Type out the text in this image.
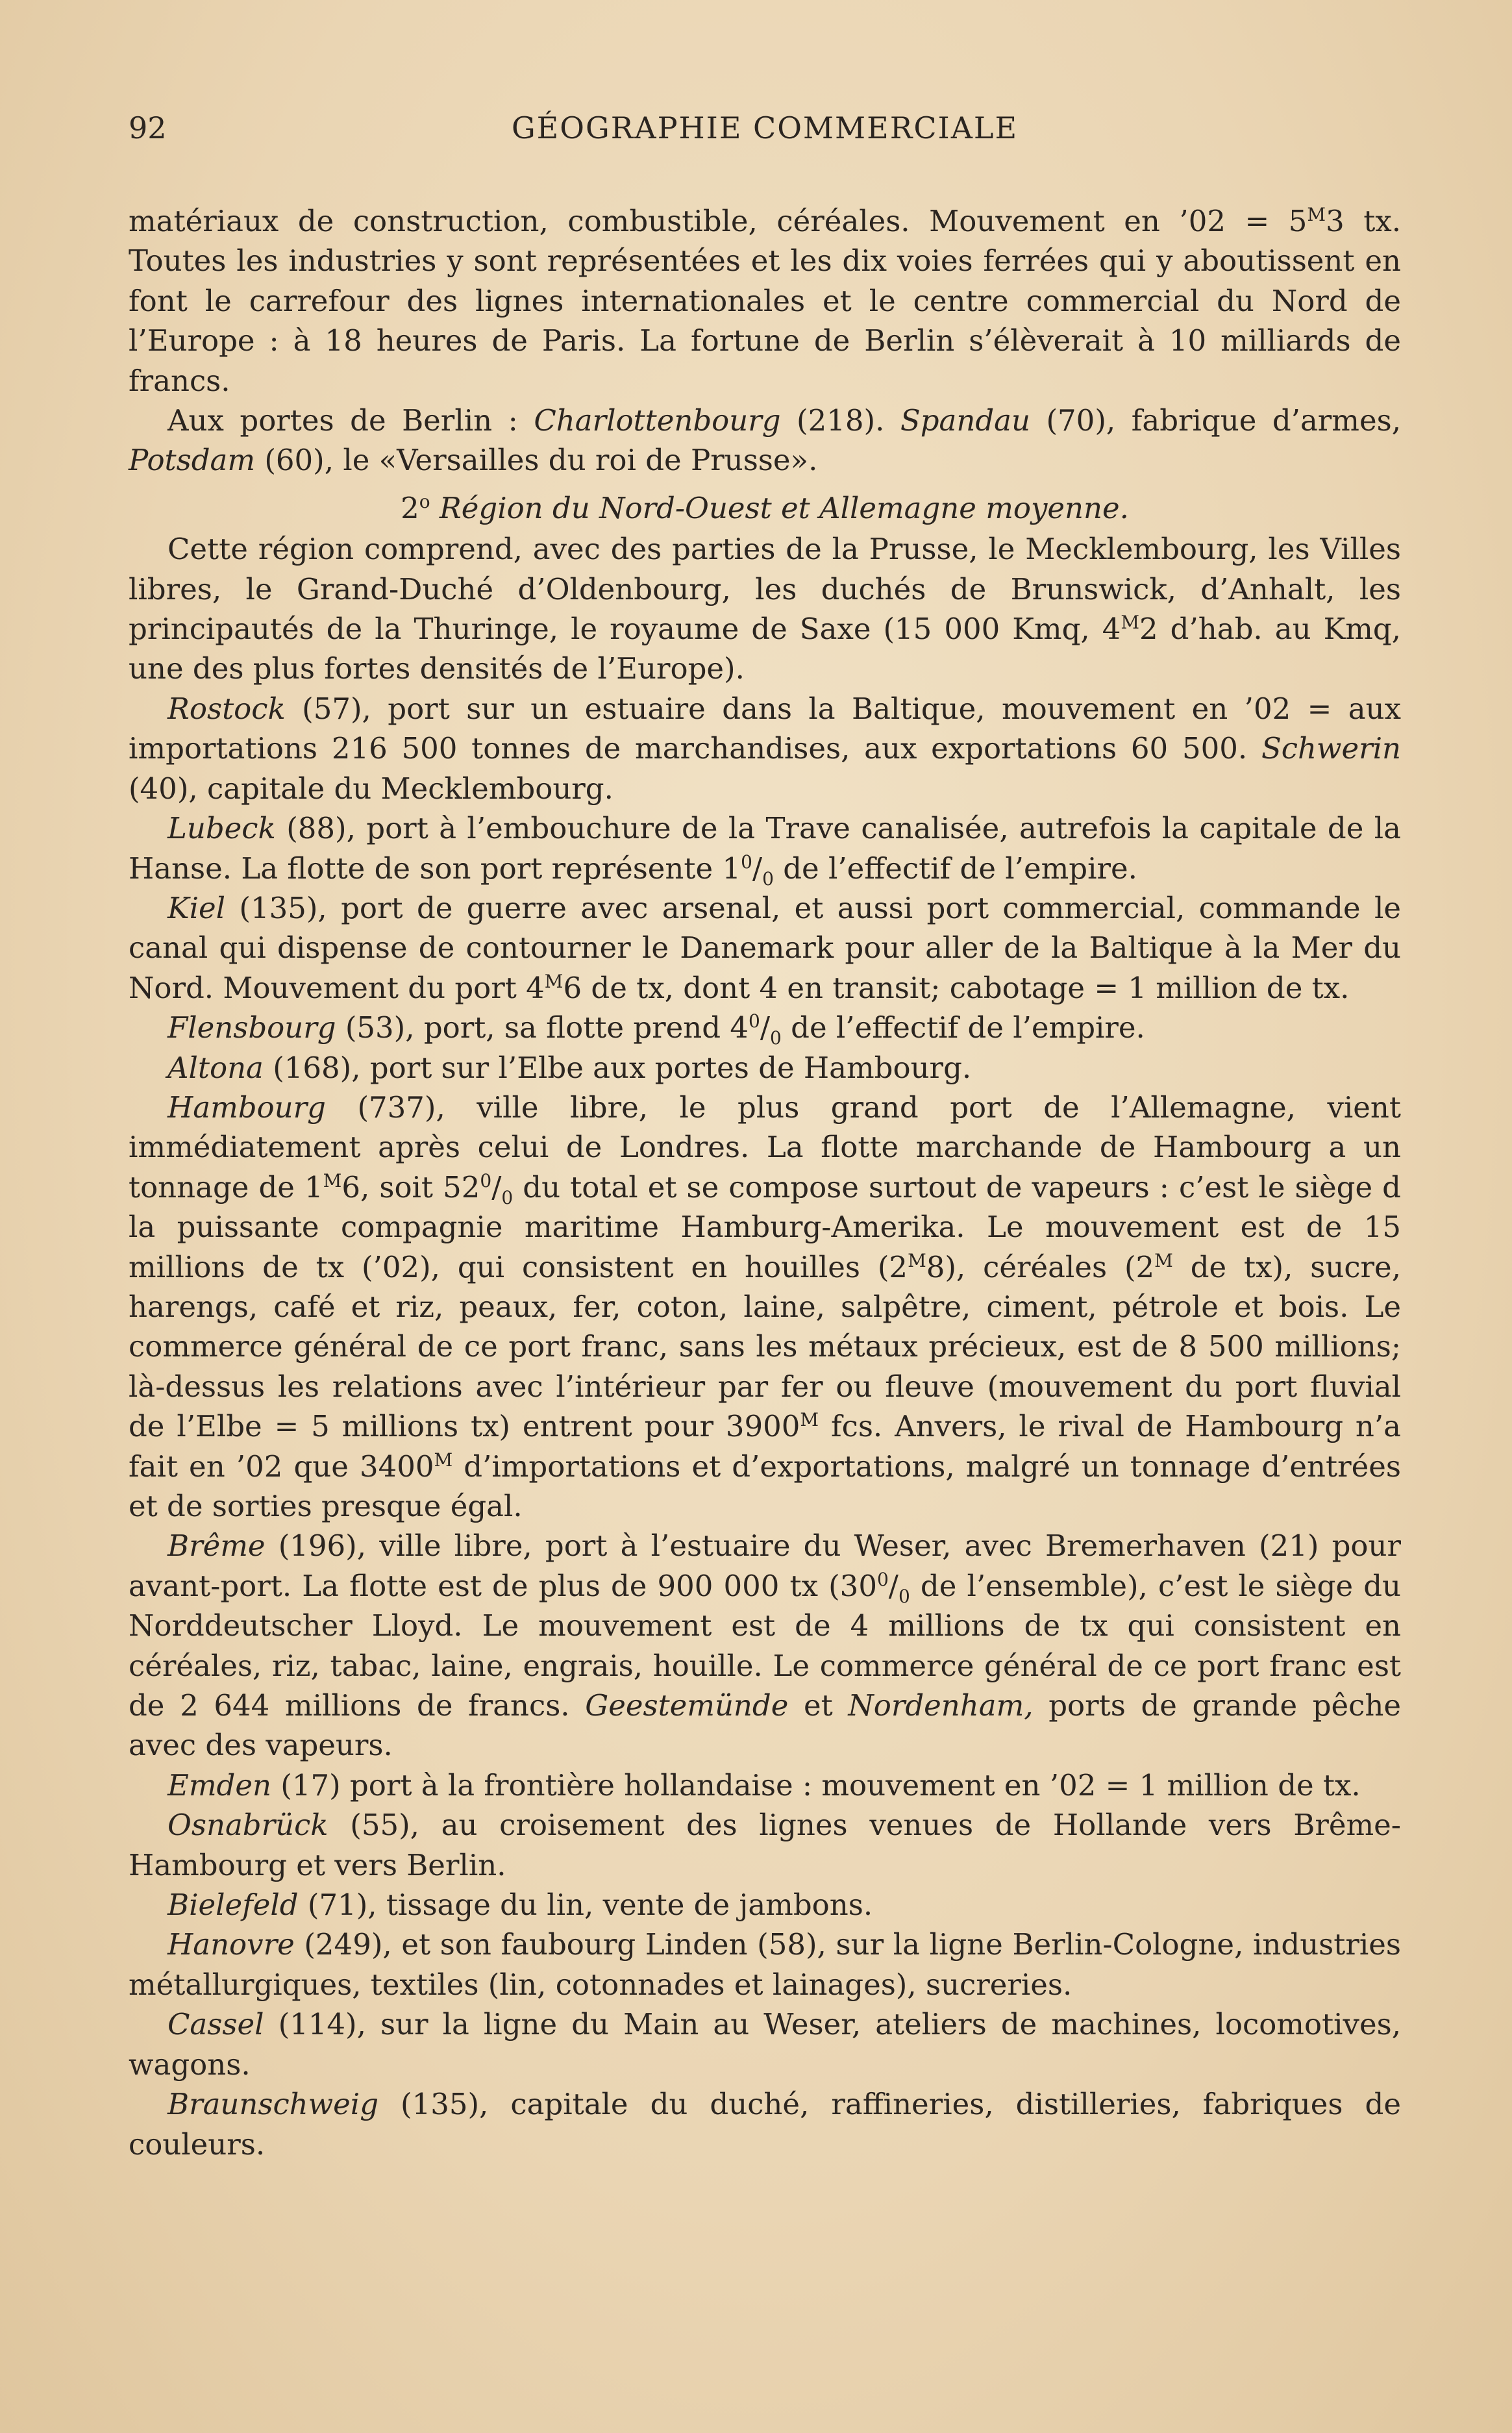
92	GÉOGRAPHIE COMMERCIALE

matériaux de construction, combustible, céréales. Mouvement en ’02 = $5^M3$ tx. Toutes les industries y sont représentées et les dix voies ferrées qui y aboutissent en font le carrefour des lignes internationales et le centre commercial du Nord de l’Europe : à 18 heures de Paris. La fortune de Berlin s’élèverait à 10 milliards de francs.

Aux portes de Berlin : Charlottenbourg (218). Spandau (70), fabrique d’armes, Potsdam (60), le «Versailles du roi de Prusse».

2$^o$ Région du Nord-Ouest et Allemagne moyenne.

Cette région comprend, avec des parties de la Prusse, le Mecklembourg, les Villes libres, le Grand-Duché d’Oldenbourg, les duchés de Brunswick, d’Anhalt, les principautés de la Thuringe, le royaume de Saxe (15 000 Kmq, $4^M2$ d’hab. au Kmq, une des plus fortes densités de l’Europe).

Rostock (57), port sur un estuaire dans la Baltique, mouvement en ’02 = aux importations 216 500 tonnes de marchandises, aux exportations 60 500. Schwerin (40), capitale du Mecklembourg.

Lubeck (88), port à l’embouchure de la Trave canalisée, autrefois la capitale de la Hanse. La flotte de son port représente $1^0/_0$ de l’effectif de l’empire.

Kiel (135), port de guerre avec arsenal, et aussi port commercial, commande le canal qui dispense de contourner le Danemark pour aller de la Baltique à la Mer du Nord. Mouvement du port $4^M6$ de tx, dont 4 en transit; cabotage = 1 million de tx.

Flensbourg (53), port, sa flotte prend $4^0/_0$ de l’effectif de l’empire.

Altona (168), port sur l’Elbe aux portes de Hambourg.

Hambourg (737), ville libre, le plus grand port de l’Allemagne, vient immédiatement après celui de Londres. La flotte marchande de Hambourg a un tonnage de $1^M6$, soit $52^0/_0$ du total et se compose surtout de vapeurs : c’est le siège d la puissante compagnie maritime Hamburg-Amerika. Le mouvement est de 15 millions de tx (’02), qui consistent en houilles $(2^M8)$, céréales ($2^M$ de tx), sucre, harengs, café et riz, peaux, fer, coton, laine, salpêtre, ciment, pétrole et bois. Le commerce général de ce port franc, sans les métaux précieux, est de 8 500 millions; là-dessus les relations avec l’intérieur par fer ou fleuve (mouvement du port fluvial de l’Elbe = 5 millions tx) entrent pour $3900^M$ fcs. Anvers, le rival de Hambourg n’a fait en ’02 que $3400^M$ d’importations et d’exportations, malgré un tonnage d’entrées et de sorties presque égal.

Brême (196), ville libre, port à l’estuaire du Weser, avec Bremerhaven (21) pour avant-port. La flotte est de plus de 900 000 tx ($30^0/_0$ de l’ensemble), c’est le siège du Norddeutscher Lloyd. Le mouvement est de 4 millions de tx qui consistent en céréales, riz, tabac, laine, engrais, houille. Le commerce général de ce port franc est de 2 644 millions de francs. Geestemünde et Nordenham, ports de grande pêche avec des vapeurs.

Emden (17) port à la frontière hollandaise : mouvement en ’02 = 1 million de tx.

Osnabrück (55), au croisement des lignes venues de Hollande vers Brême-Hambourg et vers Berlin.

Bielefeld (71), tissage du lin, vente de jambons.

Hanovre (249), et son faubourg Linden (58), sur la ligne Berlin-Cologne, industries métallurgiques, textiles (lin, cotonnades et lainages), sucreries.

Cassel (114), sur la ligne du Main au Weser, ateliers de machines, locomotives, wagons.

Braunschweig (135), capitale du duché, raffineries, distilleries, fabriques de couleurs.
